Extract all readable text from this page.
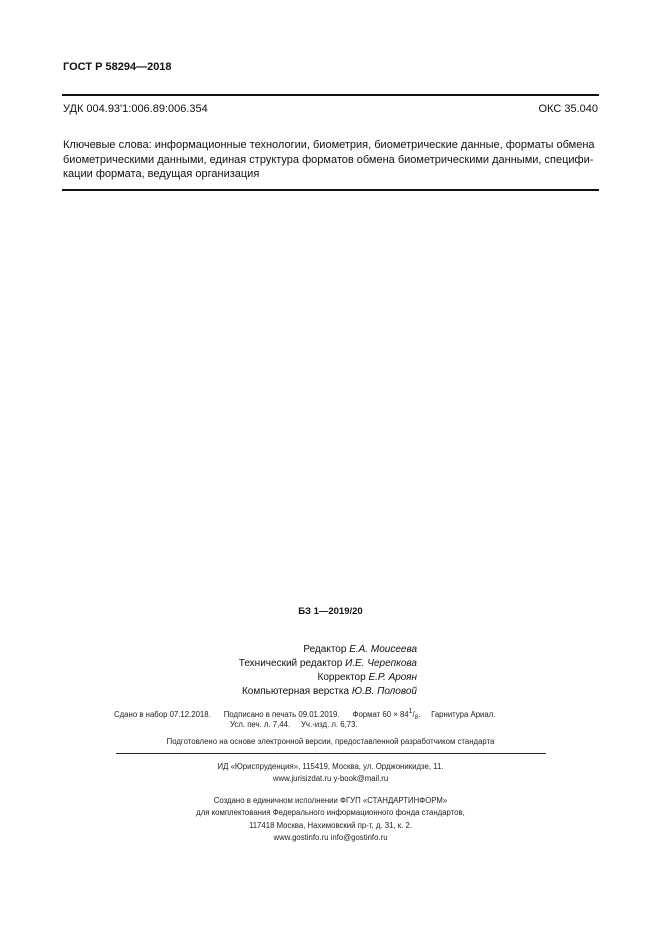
ГОСТ Р 58294—2018
УДК 004.93'1:006.89:006.354	ОКС 35.040
Ключевые слова: информационные технологии, биометрия, биометрические данные, форматы обмена
биометрическими данными, единая структура форматов обмена биометрическими данными, специфи-
кации формата, ведущая организация
БЗ 1—2019/20
Редактор Е.А. Моисеева
Технический редактор И.Е. Черепкова
Корректор Е.Р. Ароян
Компьютерная верстка Ю.В. Половой
Сдано в набор 07.12.2018. Подписано в печать 09.01.2019. Формат $60 \times 84^1/_8$.     Гарнитура Ариал.
Усл. печ. л. 7,44. Уч.-изд. л. 6,73.
Подготовлено на основе электронной версии, предоставленной разработчиком стандарта
ИД «Юриспруденция», 115419, Москва, ул. Орджоникидзе, 11.
www.jurisizdat.ru y-book@mail.ru
Создано в единичном исполнении ФГУП «СТАНДАРТИНФОРМ»
для комплектования Федерального информационного фонда стандартов,
117418 Москва, Нахимовский пр-т, д. 31, к. 2.
www.gostinfo.ru info@gostinfo.ru
